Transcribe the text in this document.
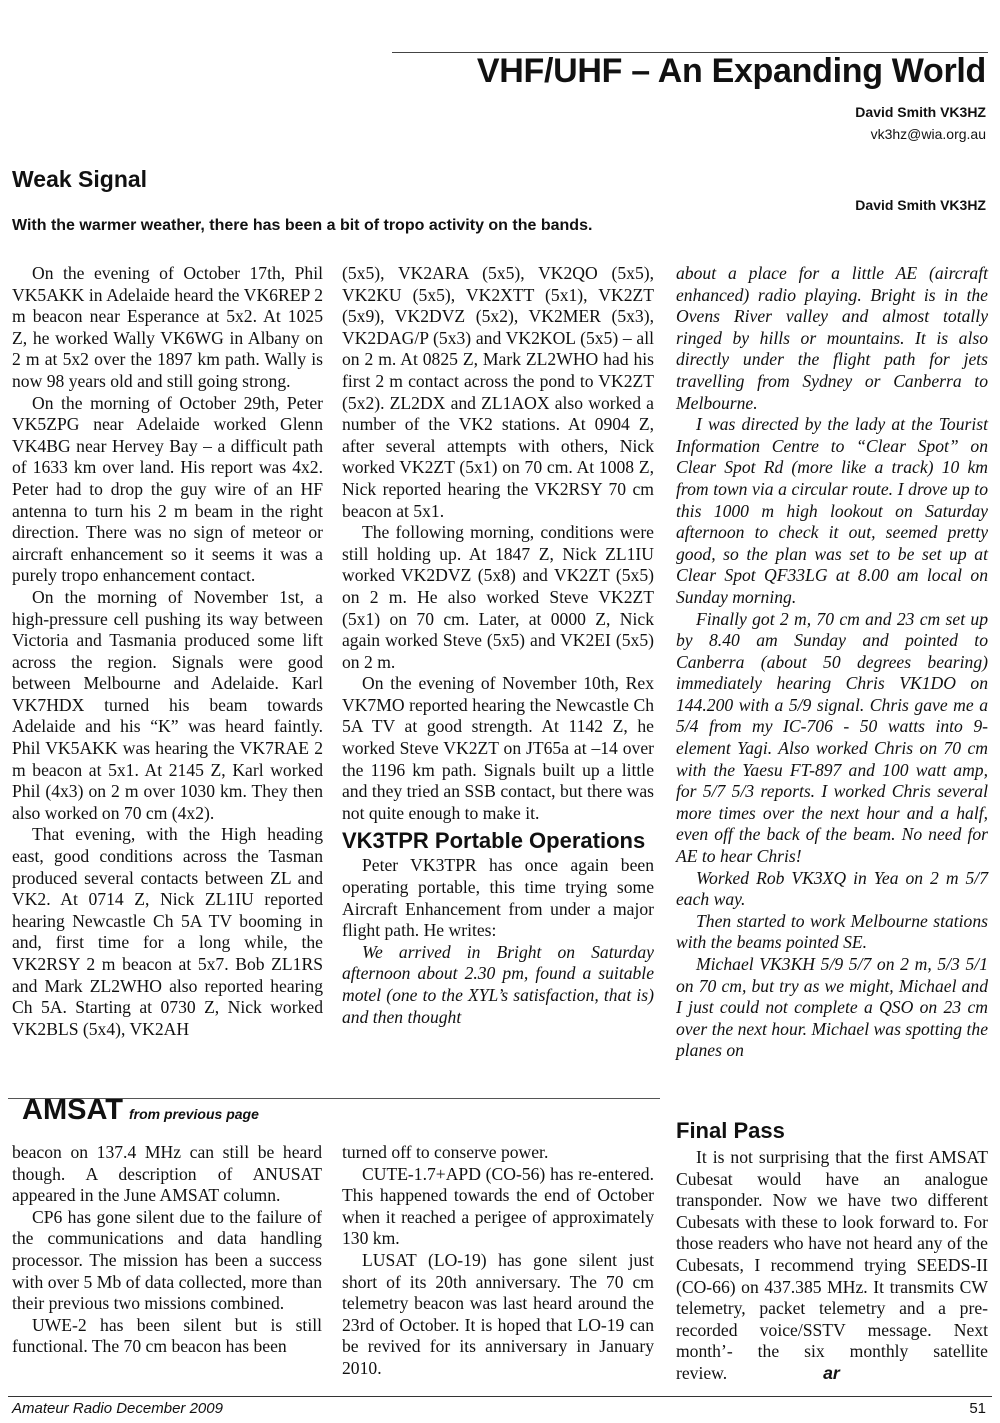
VHF/UHF – An Expanding World
David Smith VK3HZ
vk3hz@wia.org.au
Weak Signal
David Smith VK3HZ
With the warmer weather, there has been a bit of tropo activity on the bands.

On the evening of October 17th, Phil VK5AKK in Adelaide heard the VK6REP 2 m beacon near Esperance at 5x2. At 1025 Z, he worked Wally VK6WG in Albany on 2 m at 5x2 over the 1897 km path. Wally is now 98 years old and still going strong.

On the morning of October 29th, Peter VK5ZPG near Adelaide worked Glenn VK4BG near Hervey Bay – a difficult path of 1633 km over land. His report was 4x2. Peter had to drop the guy wire of an HF antenna to turn his 2 m beam in the right direction. There was no sign of meteor or aircraft enhancement so it seems it was a purely tropo enhancement contact.

On the morning of November 1st, a high-pressure cell pushing its way between Victoria and Tasmania produced some lift across the region. Signals were good between Melbourne and Adelaide. Karl VK7HDX turned his beam towards Adelaide and his “K” was heard faintly. Phil VK5AKK was hearing the VK7RAE 2 m beacon at 5x1. At 2145 Z, Karl worked Phil (4x3) on 2 m over 1030 km. They then also worked on 70 cm (4x2).

That evening, with the High heading east, good conditions across the Tasman produced several contacts between ZL and VK2. At 0714 Z, Nick ZL1IU reported hearing Newcastle Ch 5A TV booming in and, first time for a long while, the VK2RSY 2 m beacon at 5x7. Bob ZL1RS and Mark ZL2WHO also reported hearing Ch 5A. Starting at 0730 Z, Nick worked VK2BLS (5x4), VK2AH

(5x5), VK2ARA (5x5), VK2QO (5x5), VK2KU (5x5), VK2XTT (5x1), VK2ZT (5x9), VK2DVZ (5x2), VK2MER (5x3), VK2DAG/P (5x3) and VK2KOL (5x5) – all on 2 m. At 0825 Z, Mark ZL2WHO had his first 2 m contact across the pond to VK2ZT (5x2). ZL2DX and ZL1AOX also worked a number of the VK2 stations. At 0904 Z, after several attempts with others, Nick worked VK2ZT (5x1) on 70 cm. At 1008 Z, Nick reported hearing the VK2RSY 70 cm beacon at 5x1.

The following morning, conditions were still holding up. At 1847 Z, Nick ZL1IU worked VK2DVZ (5x8) and VK2ZT (5x5) on 2 m. He also worked Steve VK2ZT (5x1) on 70 cm. Later, at 0000 Z, Nick again worked Steve (5x5) and VK2EI (5x5) on 2 m.

On the evening of November 10th, Rex VK7MO reported hearing the Newcastle Ch 5A TV at good strength. At 1142 Z, he worked Steve VK2ZT on JT65a at –14 over the 1196 km path. Signals built up a little and they tried an SSB contact, but there was not quite enough to make it.

VK3TPR Portable Operations

Peter VK3TPR has once again been operating portable, this time trying some Aircraft Enhancement from under a major flight path. He writes:

We arrived in Bright on Saturday afternoon about 2.30 pm, found a suitable motel (one to the XYL’s satisfaction, that is) and then thought

about a place for a little AE (aircraft enhanced) radio playing. Bright is in the Ovens River valley and almost totally ringed by hills or mountains. It is also directly under the flight path for jets travelling from Sydney or Canberra to Melbourne.

I was directed by the lady at the Tourist Information Centre to “Clear Spot” on Clear Spot Rd (more like a track) 10 km from town via a circular route. I drove up to this 1000 m high lookout on Saturday afternoon to check it out, seemed pretty good, so the plan was set to be set up at Clear Spot QF33LG at 8.00 am local on Sunday morning.

Finally got 2 m, 70 cm and 23 cm set up by 8.40 am Sunday and pointed to Canberra (about 50 degrees bearing) immediately hearing Chris VK1DO on 144.200 with a 5/9 signal. Chris gave me a 5/4 from my IC-706 - 50 watts into 9-element Yagi. Also worked Chris on 70 cm with the Yaesu FT-897 and 100 watt amp, for 5/7 5/3 reports. I worked Chris several more times over the next hour and a half, even off the back of the beam. No need for AE to hear Chris!

Worked Rob VK3XQ in Yea on 2 m 5/7 each way.

Then started to work Melbourne stations with the beams pointed SE.

Michael VK3KH 5/9 5/7 on 2 m, 5/3 5/1 on 70 cm, but try as we might, Michael and I just could not complete a QSO on 23 cm over the next hour. Michael was spotting the planes on

AMSAT from previous page

beacon on 137.4 MHz can still be heard though. A description of ANUSAT appeared in the June AMSAT column.

CP6 has gone silent due to the failure of the communications and data handling processor. The mission has been a success with over 5 Mb of data collected, more than their previous two missions combined.

UWE-2 has been silent but is still functional. The 70 cm beacon has been

turned off to conserve power.

CUTE-1.7+APD (CO-56) has re-entered. This happened towards the end of October when it reached a perigee of approximately 130 km.

LUSAT (LO-19) has gone silent just short of its 20th anniversary. The 70 cm telemetry beacon was last heard around the 23rd of October. It is hoped that LO-19 can be revived for its anniversary in January 2010.

Final Pass

It is not surprising that the first AMSAT Cubesat would have an analogue transponder. Now we have two different Cubesats with these to look forward to. For those readers who have not heard any of the Cubesats, I recommend trying SEEDS-II (CO-66) on 437.385 MHz. It transmits CW telemetry, packet telemetry and a pre-recorded voice/SSTV message. Next month’- the six monthly satellite review.	ar

Amateur Radio December 2009	51
